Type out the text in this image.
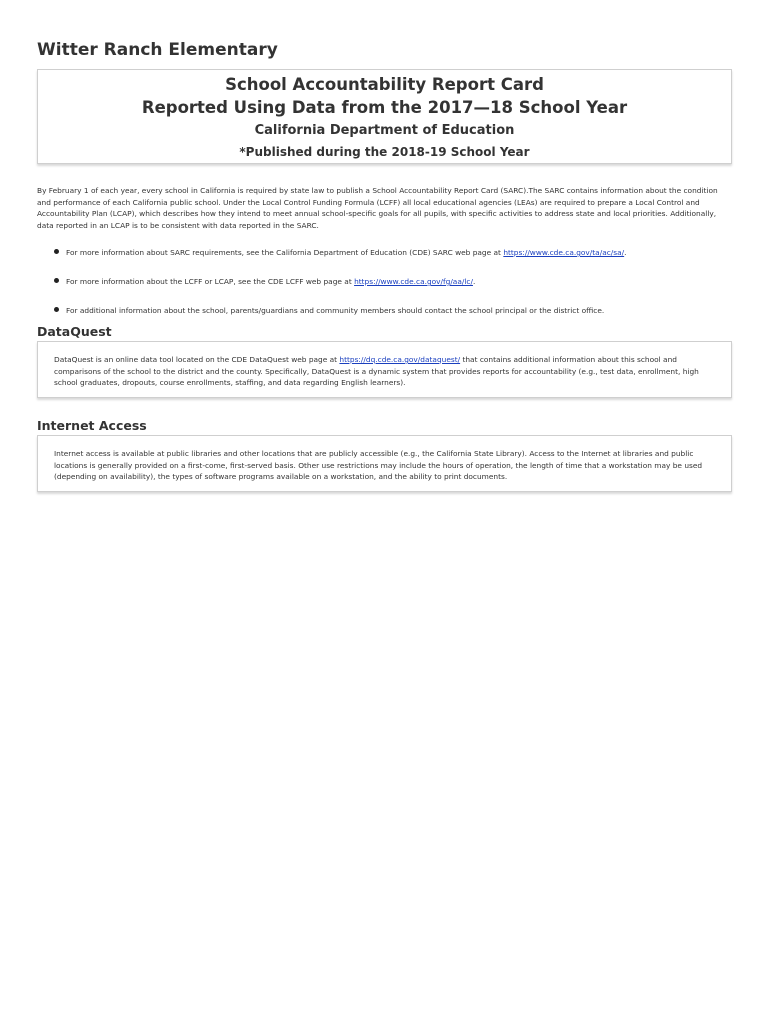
Witter Ranch Elementary
School Accountability Report Card
Reported Using Data from the 2017—18 School Year
California Department of Education
*Published during the 2018-19 School Year

By February 1 of each year, every school in California is required by state law to publish a School Accountability Report Card (SARC).The SARC contains information about the condition and performance of each California public school. Under the Local Control Funding Formula (LCFF) all local educational agencies (LEAs) are required to prepare a Local Control and Accountability Plan (LCAP), which describes how they intend to meet annual school-specific goals for all pupils, with specific activities to address state and local priorities. Additionally, data reported in an LCAP is to be consistent with data reported in the SARC.

For more information about SARC requirements, see the California Department of Education (CDE) SARC web page at https://www.cde.ca.gov/ta/ac/sa/.

For more information about the LCFF or LCAP, see the CDE LCFF web page at https://www.cde.ca.gov/fg/aa/lc/.

For additional information about the school, parents/guardians and community members should contact the school principal or the district office.

DataQuest

DataQuest is an online data tool located on the CDE DataQuest web page at https://dq.cde.ca.gov/dataquest/ that contains additional information about this school and comparisons of the school to the district and the county. Specifically, DataQuest is a dynamic system that provides reports for accountability (e.g., test data, enrollment, high school graduates, dropouts, course enrollments, staffing, and data regarding English learners).

Internet Access

Internet access is available at public libraries and other locations that are publicly accessible (e.g., the California State Library). Access to the Internet at libraries and public locations is generally provided on a first-come, first-served basis. Other use restrictions may include the hours of operation, the length of time that a workstation may be used (depending on availability), the types of software programs available on a workstation, and the ability to print documents.
